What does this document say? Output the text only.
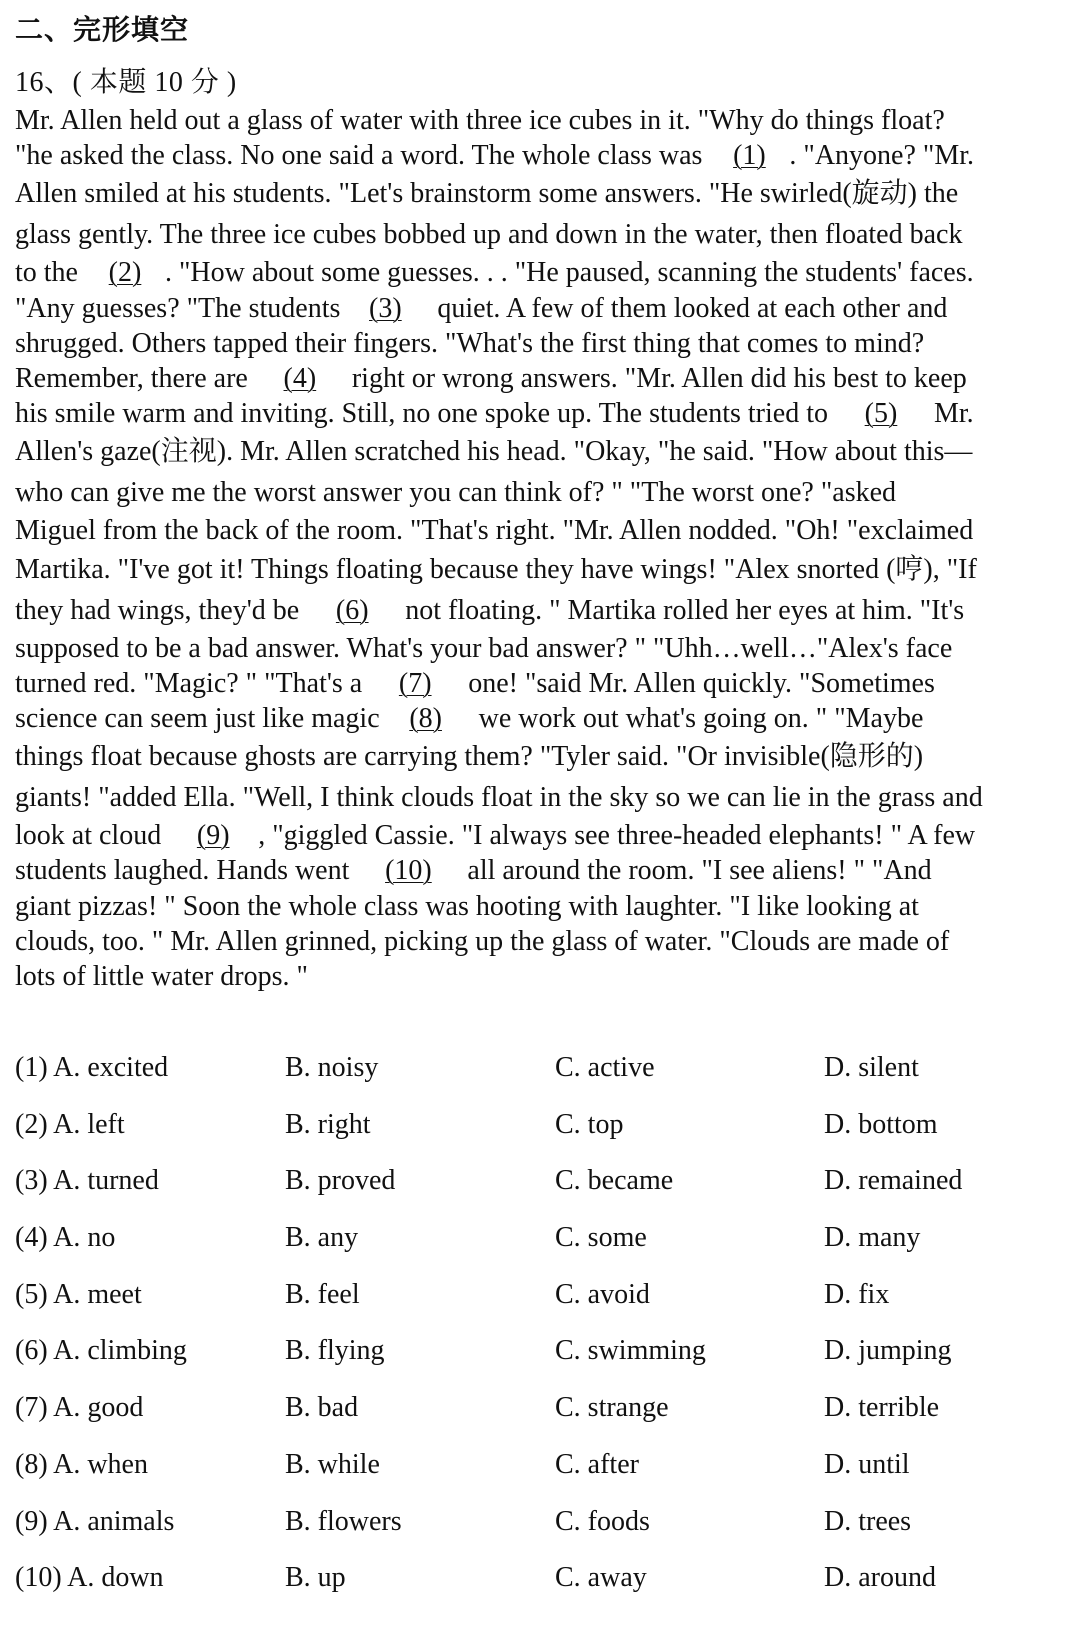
二、完形填空
16、( 本题 10 分 )

Mr. Allen held out a glass of water with three ice cubes in it. "Why do things float?
"he asked the class. No one said a word. The whole class was (1) . "Anyone? "Mr.
Allen smiled at his students. "Let's brainstorm some answers. "He swirled(旋动) the
glass gently. The three ice cubes bobbed up and down in the water, then floated back
to the (2) . "How about some guesses. . . "He paused, scanning the students' faces.
"Any guesses? "The students (3) quiet. A few of them looked at each other and
shrugged. Others tapped their fingers. "What's the first thing that comes to mind?
Remember, there are (4) right or wrong answers. "Mr. Allen did his best to keep
his smile warm and inviting. Still, no one spoke up. The students tried to (5) Mr.
Allen's gaze(注视). Mr. Allen scratched his head. "Okay, "he said. "How about this—
who can give me the worst answer you can think of? " "The worst one? "asked
Miguel from the back of the room. "That's right. "Mr. Allen nodded. "Oh! "exclaimed
Martika. "I've got it! Things floating because they have wings! "Alex snorted (哼), "If
they had wings, they'd be (6) not floating. " Martika rolled her eyes at him. "It's
supposed to be a bad answer. What's your bad answer? " "Uhh…well…"Alex's face
turned red. "Magic? " "That's a (7) one! "said Mr. Allen quickly. "Sometimes
science can seem just like magic (8) we work out what's going on. " "Maybe
things float because ghosts are carrying them? "Tyler said. "Or invisible(隐形的)
giants! "added Ella. "Well, I think clouds float in the sky so we can lie in the grass and
look at cloud (9) , "giggled Cassie. "I always see three-headed elephants! " A few
students laughed. Hands went (10) all around the room. "I see aliens! " "And
giant pizzas! " Soon the whole class was hooting with laughter. "I like looking at
clouds, too. " Mr. Allen grinned, picking up the glass of water. "Clouds are made of
lots of little water drops. "

(1) A. excited	B. noisy	C. active	D. silent
(2) A. left	B. right	C. top	D. bottom
(3) A. turned	B. proved	C. became	D. remained
(4) A. no	B. any	C. some	D. many
(5) A. meet	B. feel	C. avoid	D. fix
(6) A. climbing	B. flying	C. swimming	D. jumping
(7) A. good	B. bad	C. strange	D. terrible
(8) A. when	B. while	C. after	D. until
(9) A. animals	B. flowers	C. foods	D. trees
(10) A. down	B. up	C. away	D. around
